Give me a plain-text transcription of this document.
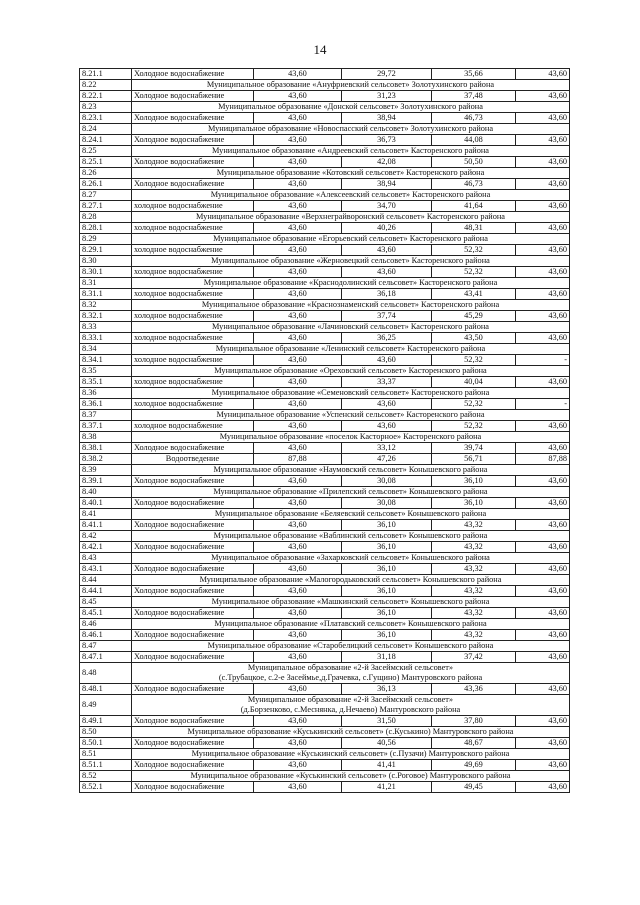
14
8.21.1	Холодное водоснабжение	43,60	29,72	35,66	43,60
8.22	Муниципальное образование «Ануфриевский сельсовет» Золотухинского района				
8.22.1	Холодное водоснабжение	43,60	31,23	37,48	43,60
8.23	Муниципальное образование «Донской сельсовет» Золотухинского района				
8.23.1	Холодное водоснабжение	43,60	38,94	46,73	43,60
8.24	Муниципальное образование «Новоспасский сельсовет» Золотухинского района				
8.24.1	Холодное водоснабжение	43,60	36,73	44,08	43,60
8.25	Муниципальное образование «Андреевский сельсовет» Касторенского района				
8.25.1	Холодное водоснабжение	43,60	42,08	50,50	43,60
8.26	Муниципальное образование «Котовский сельсовет» Касторенского района				
8.26.1	Холодное водоснабжение	43,60	38,94	46,73	43,60
8.27	Муниципальное образование «Алексеевский сельсовет» Касторенского района				
8.27.1	холодное водоснабжение	43,60	34,70	41,64	43,60
8.28	Муниципальное образование «Верхнеграйворонский сельсовет» Касторенского района				
8.28.1	холодное водоснабжение	43,60	40,26	48,31	43,60
8.29	Муниципальное образование «Егорьевский сельсовет» Касторенского района				
8.29.1	холодное водоснабжение	43,60	43,60	52,32	43,60
8.30	Муниципальное образование «Жерновецкий сельсовет» Касторенского района				
8.30.1	холодное водоснабжение	43,60	43,60	52,32	43,60
8.31	Муниципальное образование «Краснодолинский сельсовет» Касторенского района				
8.31.1	холодное водоснабжение	43,60	36,18	43,41	43,60
8.32	Муниципальное образование «Краснознаменский сельсовет» Касторенского района				
8.32.1	холодное водоснабжение	43,60	37,74	45,29	43,60
8.33	Муниципальное образование «Лачиновский сельсовет» Касторенского района				
8.33.1	холодное водоснабжение	43,60	36,25	43,50	43,60
8.34	Муниципальное образование «Ленинский сельсовет» Касторенского района				
8.34.1	холодное водоснабжение	43,60	43,60	52,32	-
8.35	Муниципальное образование «Ореховский сельсовет» Касторенского района				
8.35.1	холодное водоснабжение	43,60	33,37	40,04	43,60
8.36	Муниципальное образование «Семеновский сельсовет» Касторенского района				
8.36.1	холодное водоснабжение	43,60	43,60	52,32	-
8.37	Муниципальное образование «Успенский сельсовет» Касторенского района				
8.37.1	холодное водоснабжение	43,60	43,60	52,32	43,60
8.38	Муниципальное образование «поселок Касторное» Касторенского района				
8.38.1	Холодное водоснабжение	43,60	33,12	39,74	43,60
8.38.2	Водоотведение	87,88	47,26	56,71	87,88
8.39	Муниципальное образование «Наумовский сельсовет» Конышевского района				
8.39.1	Холодное водоснабжение	43,60	30,08	36,10	43,60
8.40	Муниципальное образование «Прилепский сельсовет» Конышевского района				
8.40.1	Холодное водоснабжение	43,60	30,08	36,10	43,60
8.41	Муниципальное образование «Беляевский сельсовет» Конышевского района				
8.41.1	Холодное водоснабжение	43,60	36,10	43,32	43,60
8.42	Муниципальное образование «Ваблинский сельсовет» Конышевского района				
8.42.1	Холодное водоснабжение	43,60	36,10	43,32	43,60
8.43	Муниципальное образование «Захарковский сельсовет» Конышевского района				
8.43.1	Холодное водоснабжение	43,60	36,10	43,32	43,60
8.44	Муниципальное образование «Малогородьковский сельсовет» Конышевского района				
8.44.1	Холодное водоснабжение	43,60	36,10	43,32	43,60
8.45	Муниципальное образование «Машкинский сельсовет» Конышевского района				
8.45.1	Холодное водоснабжение	43,60	36,10	43,32	43,60
8.46	Муниципальное образование «Платавский сельсовет» Конышевского района				
8.46.1	Холодное водоснабжение	43,60	36,10	43,32	43,60
8.47	Муниципальное образование «Старобелицкий сельсовет» Конышевского района				
8.47.1	Холодное водоснабжение	43,60	31,18	37,42	43,60
8.48	Муниципальное образование «2-й Засеймский сельсовет»
(с.Трубацкое, с.2-е Засеймье,д.Грачевка, с.Гущино) Мантуровского района				

8.48.1	Холодное водоснабжение	43,60	36,13	43,36	43,60
8.49	Муниципальное образование «2-й Засеймский сельсовет»
(д.Борзенково, с.Меснянка, д.Нечаево) Мантуровского района				

8.49.1	Холодное водоснабжение	43,60	31,50	37,80	43,60
8.50	Муниципальное образование «Куськинский сельсовет» (с.Куськино) Мантуровского района				
8.50.1	Холодное водоснабжение	43,60	40,56	48,67	43,60
8.51	Муниципальное образование «Куськинский сельсовет» (с.Пузачи) Мантуровского района				
8.51.1	Холодное водоснабжение	43,60	41,41	49,69	43,60
8.52	Муниципальное образование «Куськинский сельсовет» (с.Роговое) Мантуровского района				
8.52.1	Холодное водоснабжение	43,60	41,21	49,45	43,60
